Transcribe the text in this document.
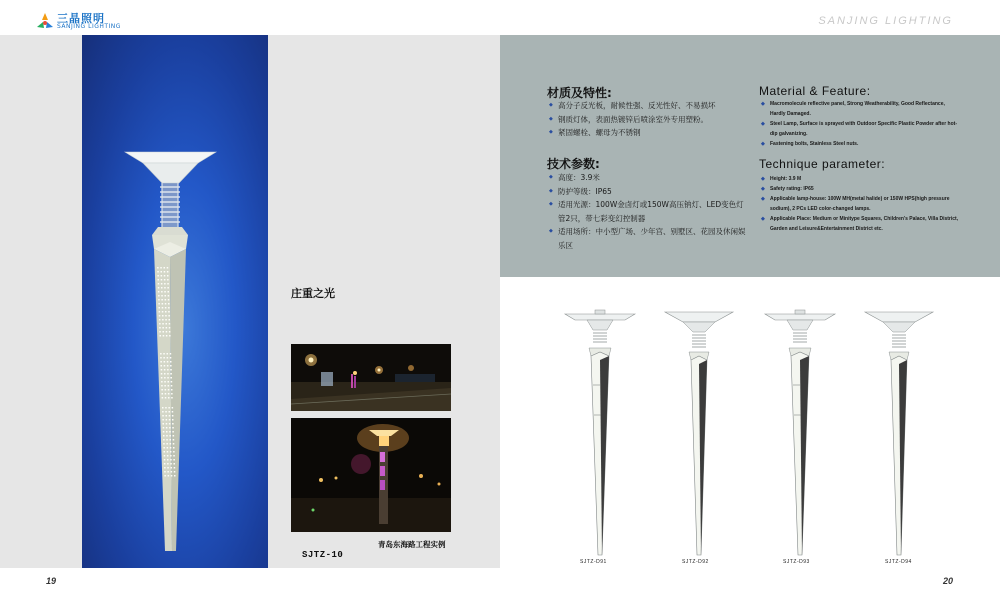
三晶照明
SANJING LIGHTING	SANJING LIGHTING
材质及特性:
◆ 高分子反光板，耐候性强、反光性好、不易损坏
◆ 钢质灯体，表面热镀锌后喷涂室外专用塑粉。
◆ 紧固螺栓、螺母为不锈钢
技术参数:
◆ 高度：3.9米
◆ 防护等级：IP65
◆ 适用光源：100W金卤灯或150W高压钠灯、LED变色灯管2只，带七彩变幻控制器
◆ 适用场所：中小型广场、少年宫、别墅区、花园及休闲娱乐区
Material & Feature:
◆ Macromolecule reflective panel, Strong Weatherability, Good Reflectance, Hardly Damaged.
◆ Steel Lamp, Surface is sprayed with Outdoor Specific Plastic Powder after hot-dip galvanizing.
◆ Fastening bolts, Stainless Steel nuts.
Technique parameter:
◆ Height: 3.9 M
◆ Safety rating: IP65
◆ Applicable lamp-house: 100W MH(metal halide) or 150W HPS(high pressure sodium), 2 PCs LED color-changed lamps.
◆ Applicable Place: Medium or Minitype Squares, Children's Palace, Villa District, Garden and Leisure&Entertainment District etc.
庄重之光
青岛东海路工程实例
SJTZ-10
SJTZ-D91	SJTZ-D92	SJTZ-D93	SJTZ-D94
19	20
